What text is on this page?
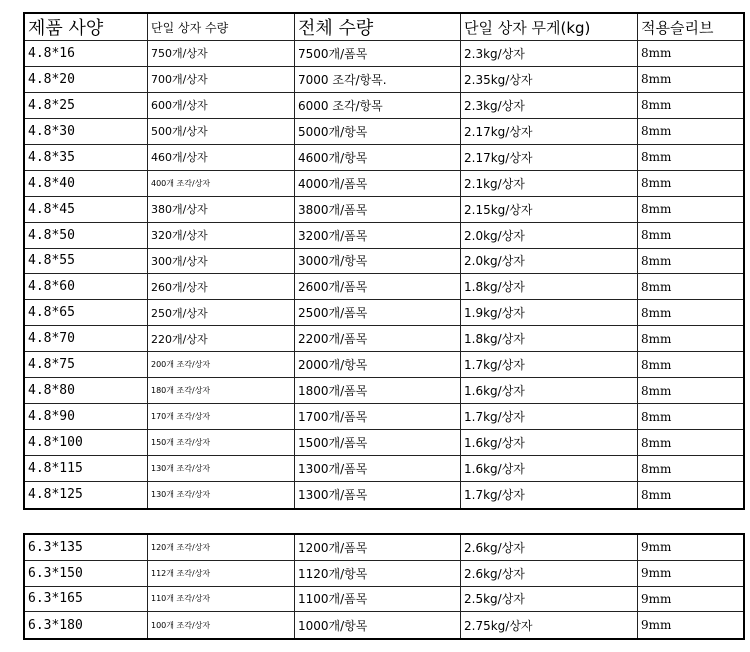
제품 사양	단일 상자 수량	전체 수량	단일 상자 무게(kg)	적용슬리브
4.8*16	750개/상자	7500개/폼목	2.3kg/상자	8mm
4.8*20	700개/상자	7000 조각/항목.	2.35kg/상자	8mm
4.8*25	600개/상자	6000 조각/항목	2.3kg/상자	8mm
4.8*30	500개/상자	5000개/항목	2.17kg/상자	8mm
4.8*35	460개/상자	4600개/항목	2.17kg/상자	8mm
4.8*40	400개 조각/상자	4000개/폼목	2.1kg/상자	8mm
4.8*45	380개/상자	3800개/폼목	2.15kg/상자	8mm
4.8*50	320개/상자	3200개/폼목	2.0kg/상자	8mm
4.8*55	300개/상자	3000개/항목	2.0kg/상자	8mm
4.8*60	260개/상자	2600개/폼목	1.8kg/상자	8mm
4.8*65	250개/상자	2500개/폼목	1.9kg/상자	8mm
4.8*70	220개/상자	2200개/폼목	1.8kg/상자	8mm
4.8*75	200개 조각/상자	2000개/항목	1.7kg/상자	8mm
4.8*80	180개 조각/상자	1800개/폼목	1.6kg/상자	8mm
4.8*90	170개 조각/상자	1700개/폼목	1.7kg/상자	8mm
4.8*100	150개 조각/상자	1500개/폼목	1.6kg/상자	8mm
4.8*115	130개 조각/상자	1300개/폼목	1.6kg/상자	8mm
4.8*125	130개 조각/상자	1300개/폼목	1.7kg/상자	8mm
6.3*135	120개 조각/상자	1200개/폼목	2.6kg/상자	9mm
6.3*150	112개 조각/상자	1120개/항목	2.6kg/상자	9mm
6.3*165	110개 조각/상자	1100개/폼목	2.5kg/상자	9mm
6.3*180	100개 조각/상자	1000개/항목	2.75kg/상자	9mm
